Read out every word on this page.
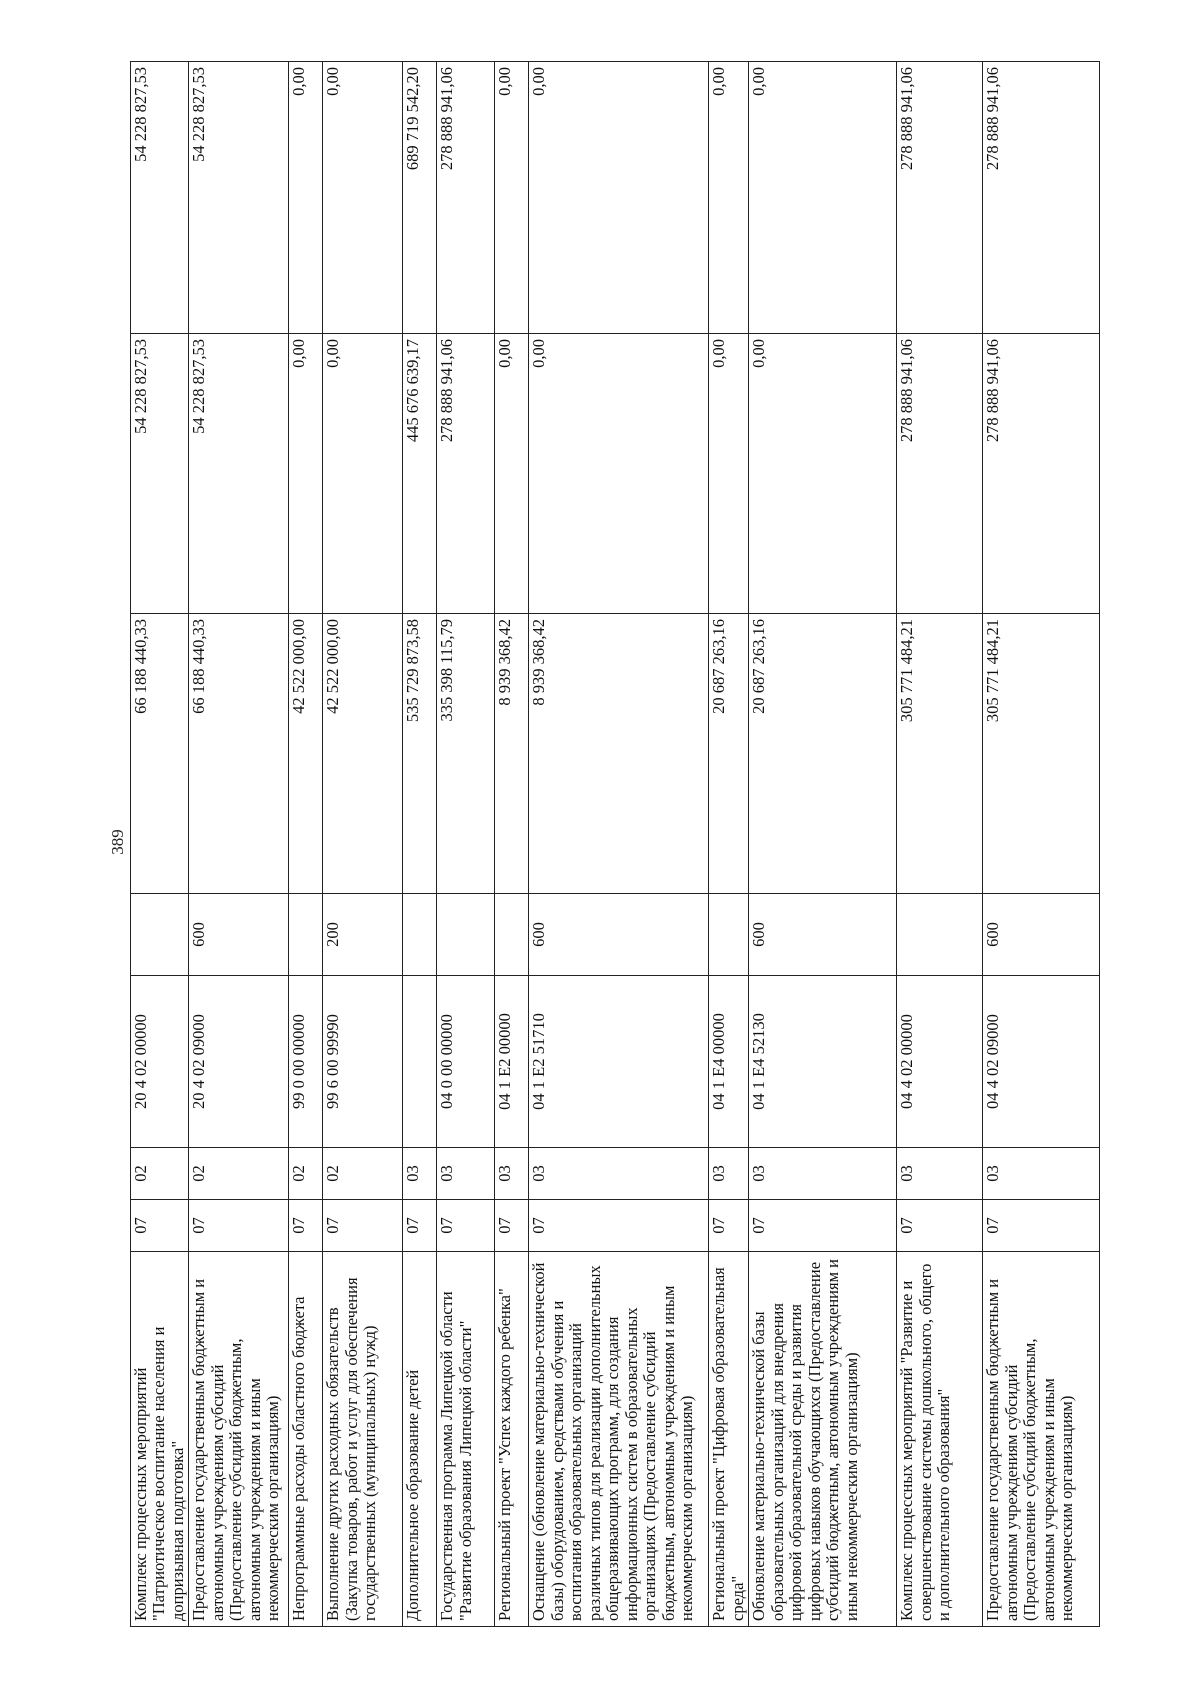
389
Комплекс процессных мероприятий "Патриотическое воспитание населения и допризывная подготовка"	07	02	20 4 02 00000		66 188 440,33	54 228 827,53	54 228 827,53
Предоставление государственным бюджетным и автономным учреждениям субсидий (Предоставление субсидий бюджетным, автономным учреждениям и иным некоммерческим организациям)	07	02	20 4 02 09000	600	66 188 440,33	54 228 827,53	54 228 827,53
Непрограммные расходы областного бюджета	07	02	99 0 00 00000		42 522 000,00	0,00	0,00
Выполнение других расходных обязательств (Закупка товаров, работ и услуг для обеспечения государственных (муниципальных) нужд)	07	02	99 6 00 99990	200	42 522 000,00	0,00	0,00
Дополнительное образование детей	07	03			535 729 873,58	445 676 639,17	689 719 542,20
Государственная программа Липецкой области "Развитие образования Липецкой области"	07	03	04 0 00 00000		335 398 115,79	278 888 941,06	278 888 941,06
Региональный проект "Успех каждого ребенка"	07	03	04 1 E2 00000		8 939 368,42	0,00	0,00
Оснащение (обновление материально-технической базы) оборудованием, средствами обучения и воспитания образовательных организаций различных типов для реализации дополнительных общеразвивающих программ, для создания информационных систем в образовательных организациях (Предоставление субсидий бюджетным, автономным учреждениям и иным некоммерческим организациям)	07	03	04 1 E2 51710	600	8 939 368,42	0,00	0,00
Региональный проект "Цифровая образовательная среда"	07	03	04 1 E4 00000		20 687 263,16	0,00	0,00
Обновление материально-технической базы образовательных организаций для внедрения цифровой образовательной среды и развития цифровых навыков обучающихся (Предоставление субсидий бюджетным, автономным учреждениям и иным некоммерческим организациям)	07	03	04 1 E4 52130	600	20 687 263,16	0,00	0,00
Комплекс процессных мероприятий "Развитие и совершенствование системы дошкольного, общего и дополнительного образования"	07	03	04 4 02 00000		305 771 484,21	278 888 941,06	278 888 941,06
Предоставление государственным бюджетным и автономным учреждениям субсидий (Предоставление субсидий бюджетным, автономным учреждениям и иным некоммерческим организациям)	07	03	04 4 02 09000	600	305 771 484,21	278 888 941,06	278 888 941,06
